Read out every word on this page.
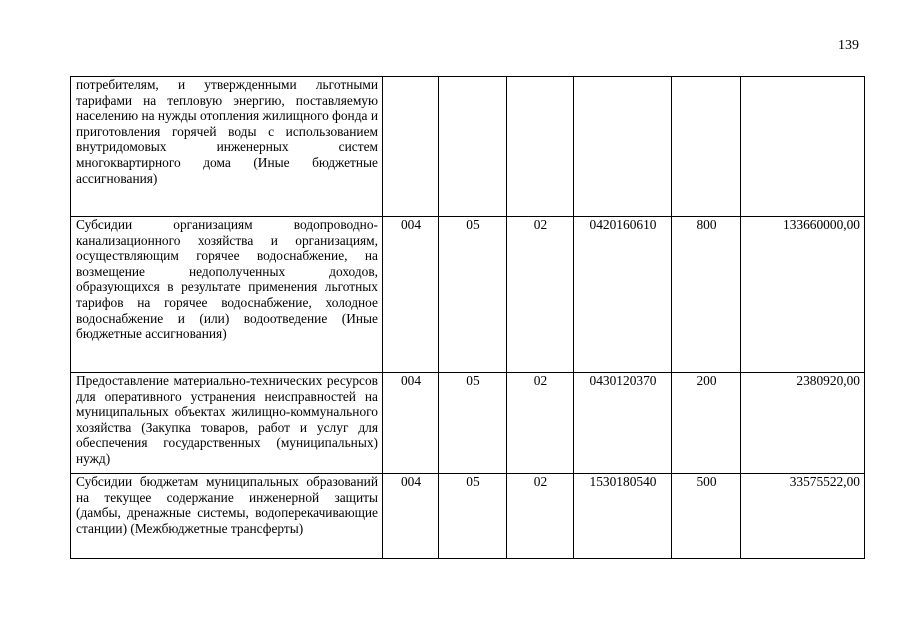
139
потребителям, и утвержденными льготными тарифами на тепловую энергию, поставляемую населению на нужды отопления жилищного фонда и приготовления горячей воды с использованием внутридомовых инженерных систем многоквартирного дома (Иные бюджетные ассигнования)						
Субсидии организациям водопроводно-канализационного хозяйства и организациям, осуществляющим горячее водоснабжение, на возмещение недополученных доходов, образующихся в результате применения льготных тарифов на горячее водоснабжение, холодное водоснабжение и (или) водоотведение (Иные бюджетные ассигнования)	004	05	02	0420160610	800	133660000,00
Предоставление материально-технических ресурсов для оперативного устранения неисправностей на муниципальных объектах жилищно-коммунального хозяйства (Закупка товаров, работ и услуг для обеспечения государственных (муниципальных) нужд)	004	05	02	0430120370	200	2380920,00
Субсидии бюджетам муниципальных образований на текущее содержание инженерной защиты (дамбы, дренажные системы, водоперекачивающие станции) (Межбюджетные трансферты)	004	05	02	1530180540	500	33575522,00
